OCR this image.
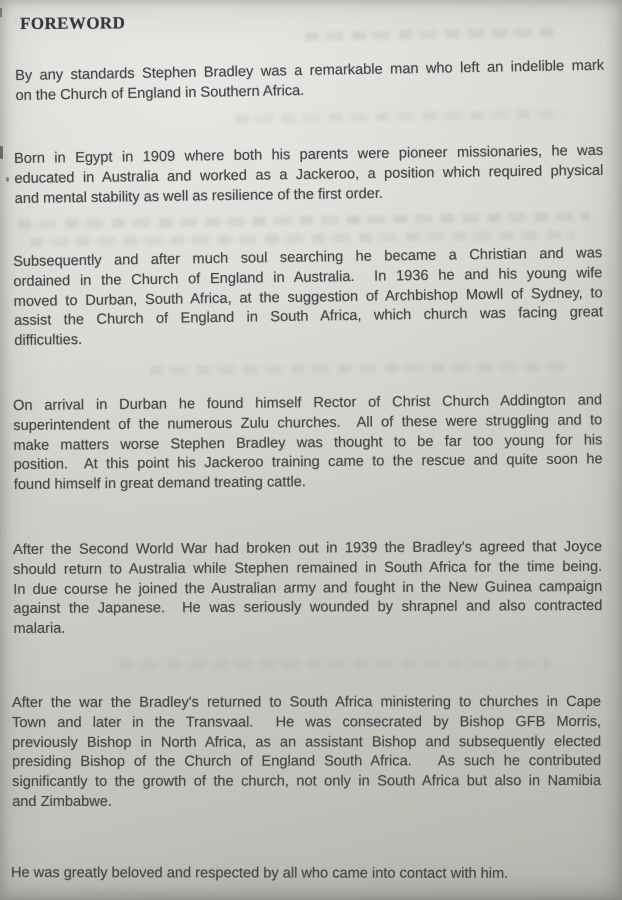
FOREWORD
By any standards Stephen Bradley was a remarkable man who left an indelible mark
on the Church of England in Southern Africa.
Born in Egypt in 1909 where both his parents were pioneer missionaries, he was
educated in Australia and worked as a Jackeroo, a position which required physical
and mental stability as well as resilience of the first order.
Subsequently and after much soul searching he became a Christian and was
ordained in the Church of England in Australia.  In 1936 he and his young wife
moved to Durban, South Africa, at the suggestion of Archbishop Mowll of Sydney, to
assist the Church of England in South Africa, which church was facing great
difficulties.
On arrival in Durban he found himself Rector of Christ Church Addington and
superintendent of the numerous Zulu churches.  All of these were struggling and to
make matters worse Stephen Bradley was thought to be far too young for his
position.  At this point his Jackeroo training came to the rescue and quite soon he
found himself in great demand treating cattle.
After the Second World War had broken out in 1939 the Bradley's agreed that Joyce
should return to Australia while Stephen remained in South Africa for the time being.
In due course he joined the Australian army and fought in the New Guinea campaign
against the Japanese.  He was seriously wounded by shrapnel and also contracted
malaria.
After the war the Bradley's returned to South Africa ministering to churches in Cape
Town and later in the Transvaal.  He was consecrated by Bishop GFB Morris,
previously Bishop in North Africa, as an assistant Bishop and subsequently elected
presiding Bishop of the Church of England South Africa.   As such he contributed
significantly to the growth of the church, not only in South Africa but also in Namibia
and Zimbabwe.
He was greatly beloved and respected by all who came into contact with him.
